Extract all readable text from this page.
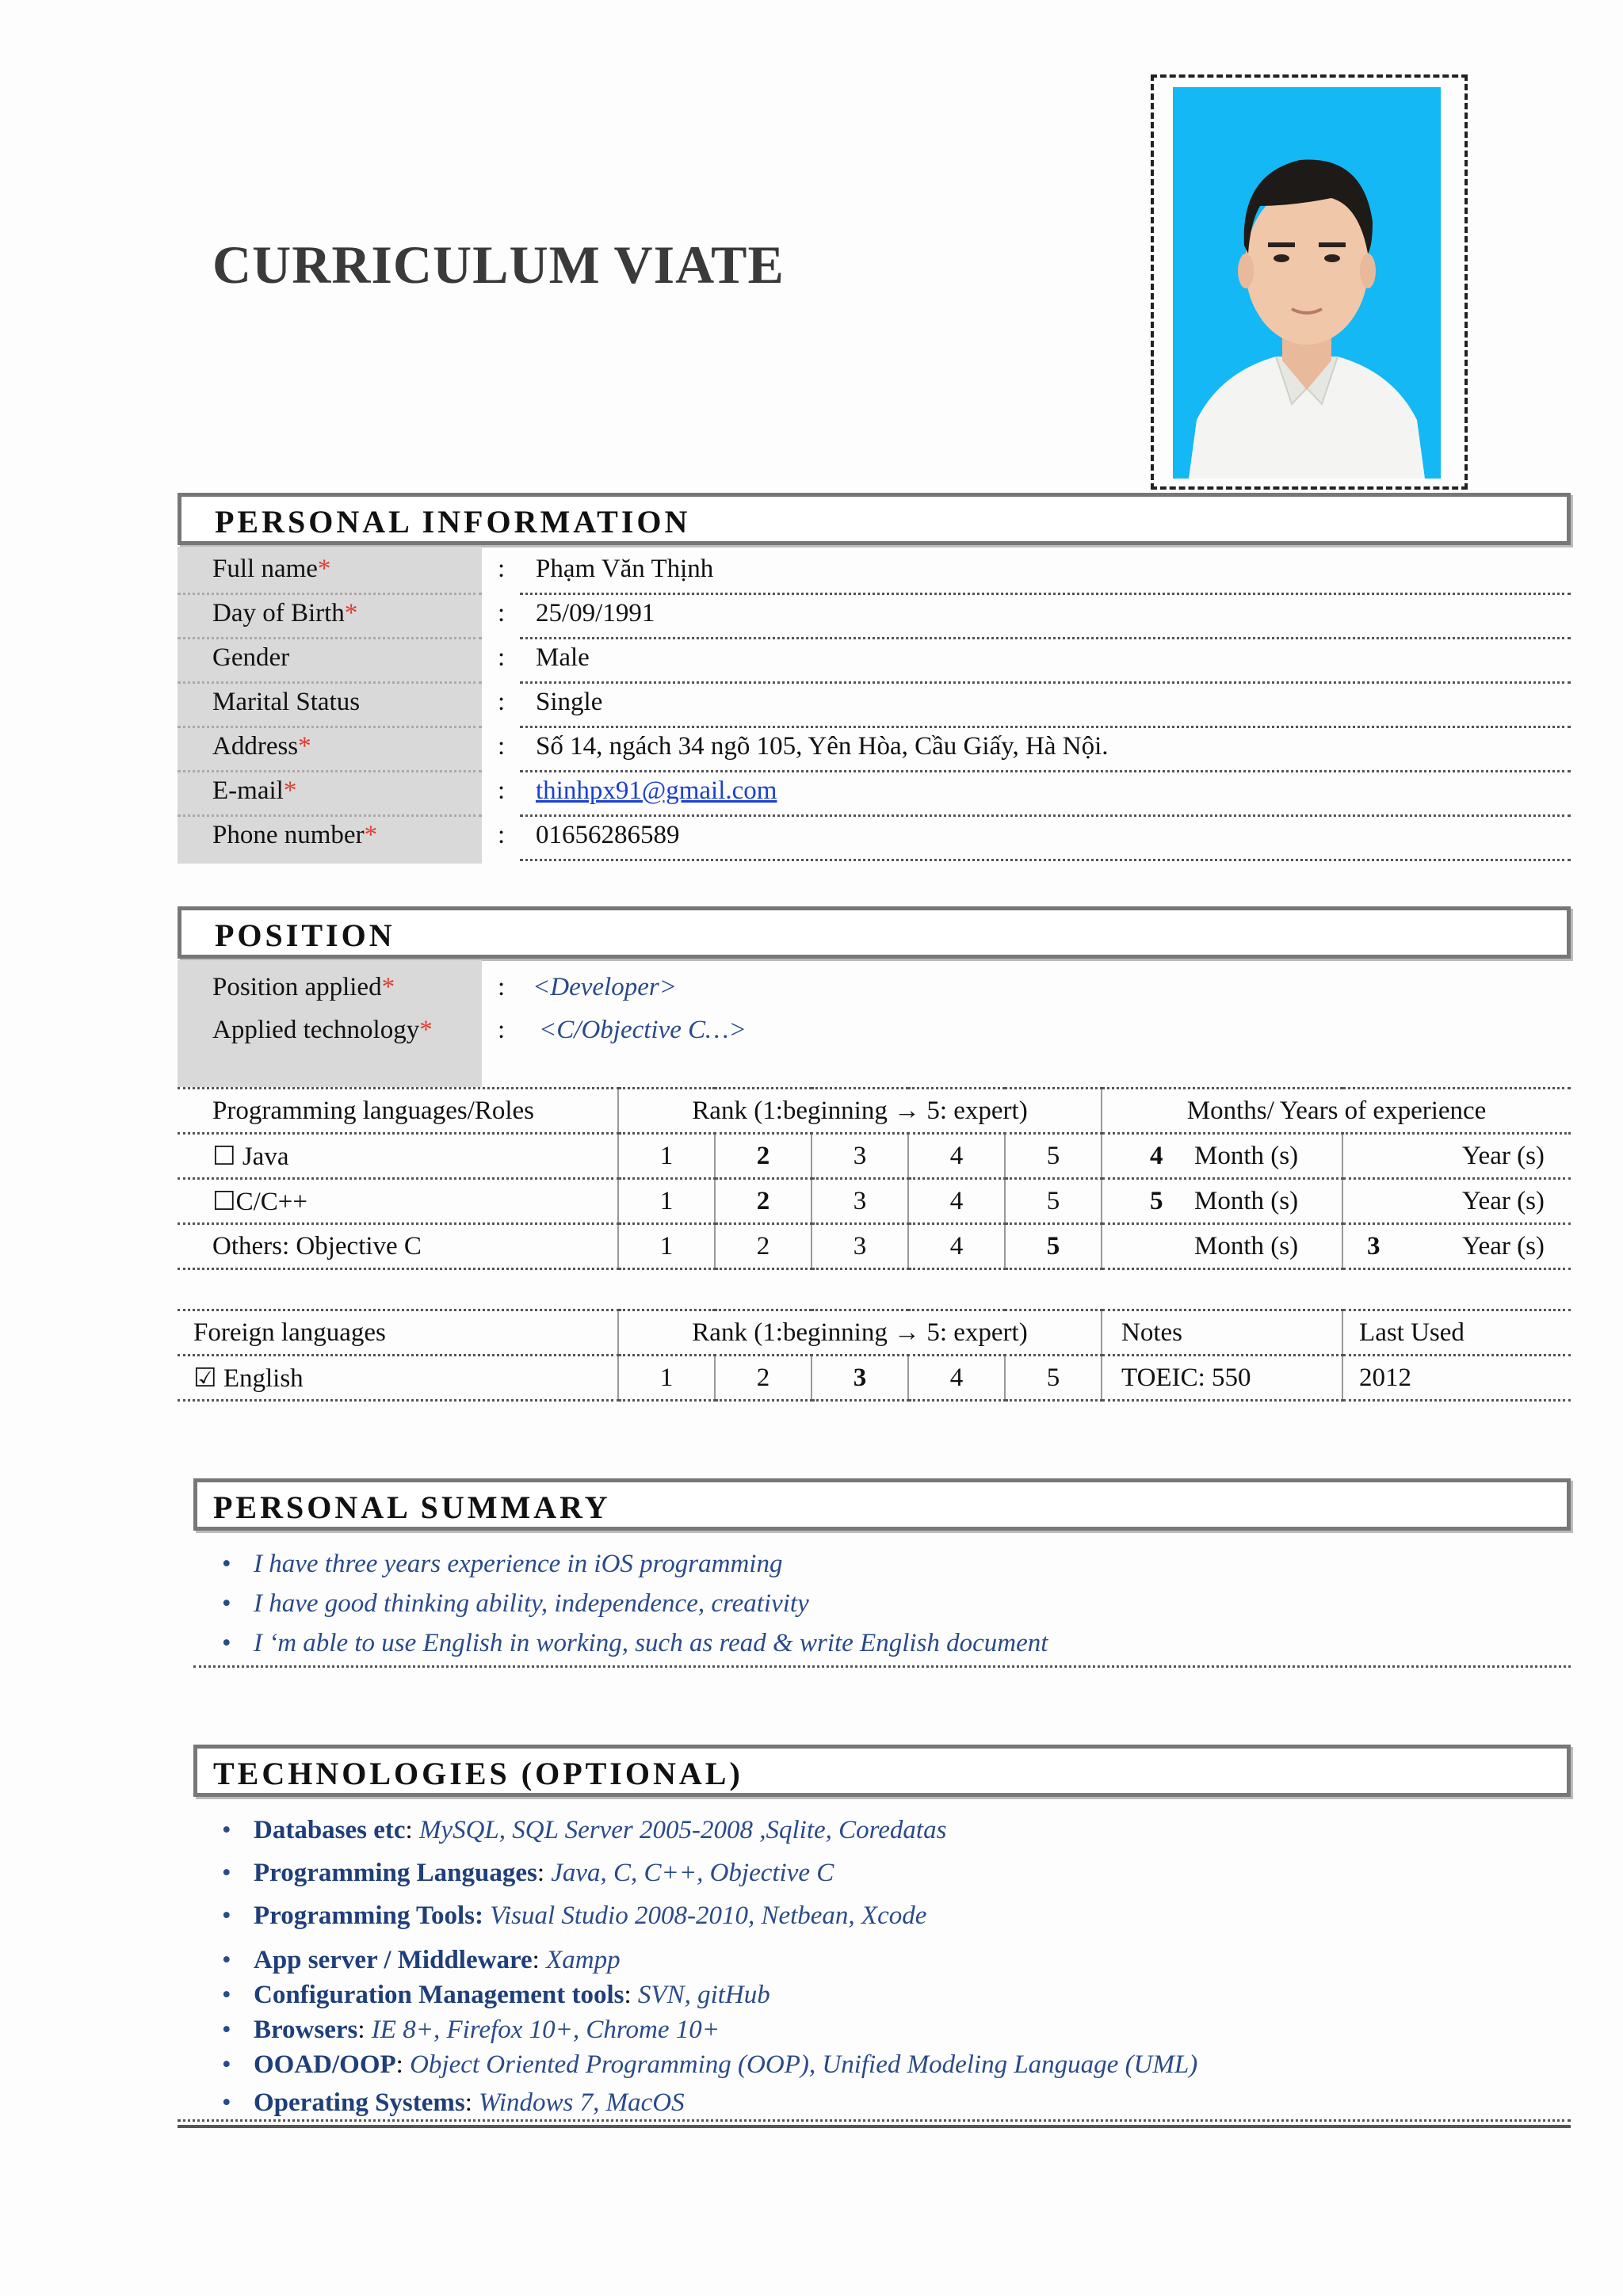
CURRICULUM VIATE
PERSONAL INFORMATION
Full name*	: Phạm Văn Thịnh
Day of Birth*	: 25/09/1991
Gender	: Male
Marital Status	: Single
Address*	: Số 14, ngách 34 ngõ 105, Yên Hòa, Cầu Giấy, Hà Nội.
E-mail*	: thinhpx91@gmail.com
Phone number*	: 01656286589
POSITION
Position applied*	: <Developer>
Applied technology* : <C/Objective C…>
Programming languages/Roles	Rank (1:beginning → 5: expert)					Months/ Years of experience	
☐ Java	1	2	3	4	5	4 Month (s)	Year (s)
☐C/C++	1	2	3	4	5	5 Month (s)	Year (s)
Others: Objective C	1	2	3	4	5	Month (s)	3 Year (s)
Foreign languages	Rank (1:beginning → 5: expert)					Notes	Last Used
☑ English	1	2	3	4	5	TOEIC: 550	2012
PERSONAL SUMMARY
• I have three years experience in iOS programming
• I have good thinking ability, independence, creativity
• I ‘m able to use English in working, such as read & write English document
TECHNOLOGIES (OPTIONAL)
• Databases etc: MySQL, SQL Server 2005-2008 ,Sqlite, Coredatas
• Programming Languages: Java, C, C++, Objective C
• Programming Tools: Visual Studio 2008-2010, Netbean, Xcode
• App server / Middleware: Xampp
• Configuration Management tools: SVN, gitHub
• Browsers: IE 8+, Firefox 10+, Chrome 10+
• OOAD/OOP: Object Oriented Programming (OOP), Unified Modeling Language (UML)
• Operating Systems: Windows 7, MacOS
